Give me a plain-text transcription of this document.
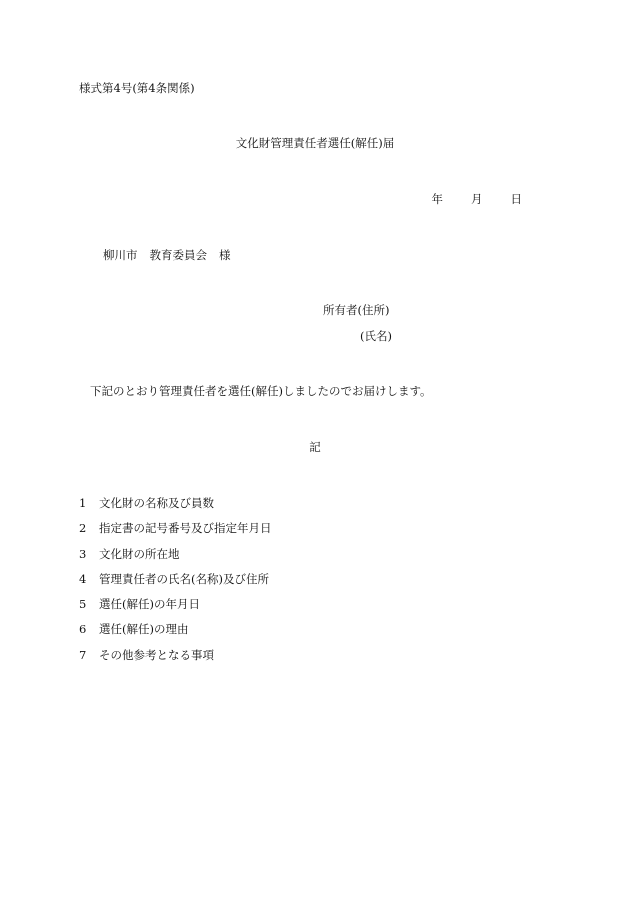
様式第4号(第4条関係)
文化財管理責任者選任(解任)届
年 月 日
柳川市 教育委員会 様
所有者(住所)
(氏名)
下記のとおり管理責任者を選任(解任)しましたのでお届けします。
記
1	文化財の名称及び員数
2	指定書の記号番号及び指定年月日
3	文化財の所在地
4	管理責任者の氏名(名称)及び住所
5	選任(解任)の年月日
6	選任(解任)の理由
7	その他参考となる事項
